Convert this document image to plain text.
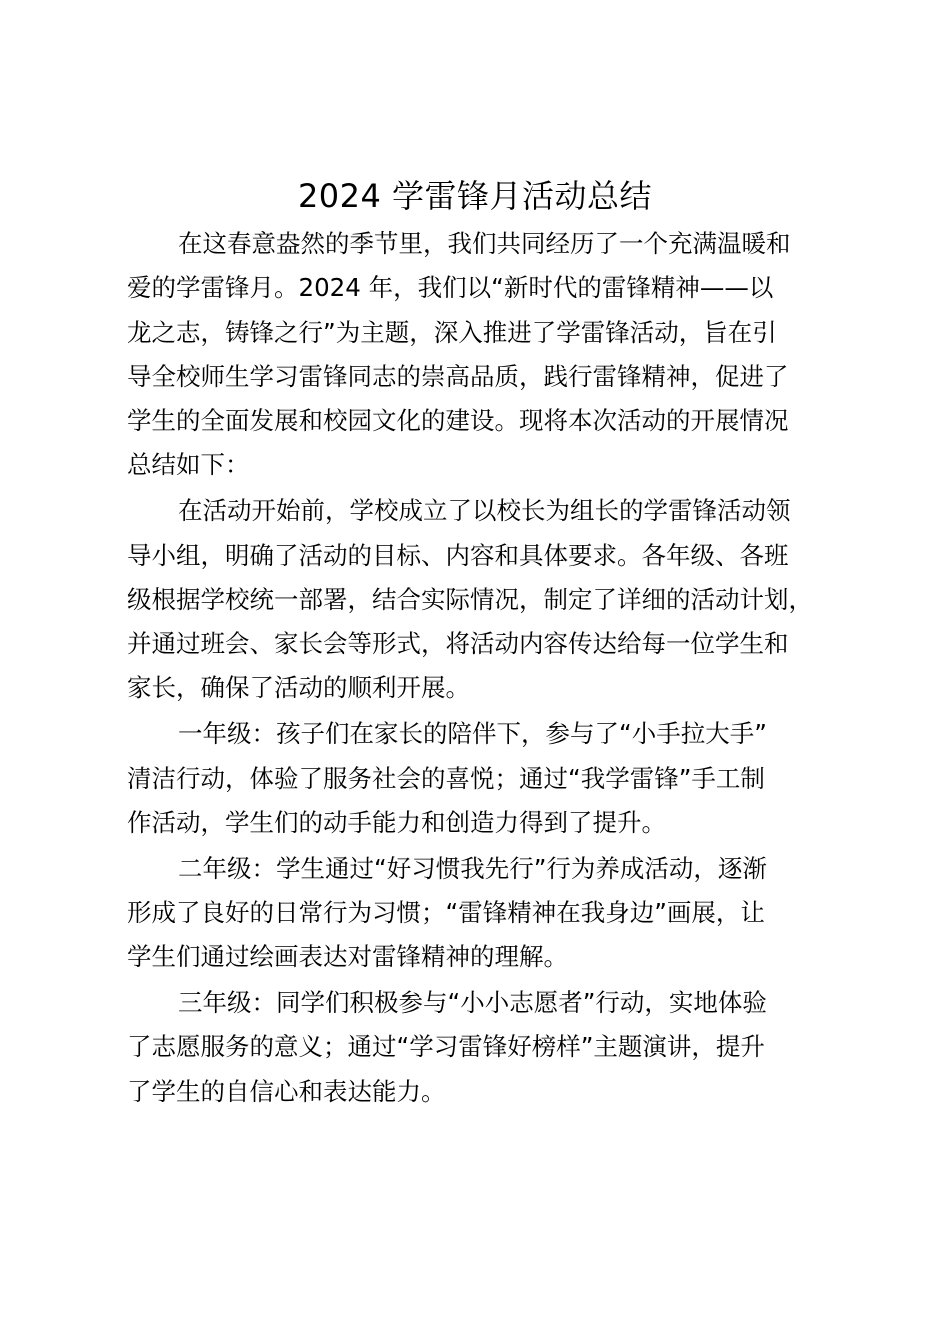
2024 学雷锋月活动总结
在这春意盎然的季节里，我们共同经历了一个充满温暖和
爱的学雷锋月。2024 年，我们以“新时代的雷锋精神——以
龙之志，铸锋之行”为主题，深入推进了学雷锋活动，旨在引
导全校师生学习雷锋同志的崇高品质，践行雷锋精神，促进了
学生的全面发展和校园文化的建设。现将本次活动的开展情况
总结如下：
在活动开始前，学校成立了以校长为组长的学雷锋活动领
导小组，明确了活动的目标、内容和具体要求。各年级、各班
级根据学校统一部署，结合实际情况，制定了详细的活动计划，
并通过班会、家长会等形式，将活动内容传达给每一位学生和
家长，确保了活动的顺利开展。
一年级：孩子们在家长的陪伴下，参与了“小手拉大手”
清洁行动，体验了服务社会的喜悦；通过“我学雷锋”手工制
作活动，学生们的动手能力和创造力得到了提升。
二年级：学生通过“好习惯我先行”行为养成活动，逐渐
形成了良好的日常行为习惯；“雷锋精神在我身边”画展，让
学生们通过绘画表达对雷锋精神的理解。
三年级：同学们积极参与“小小志愿者”行动，实地体验
了志愿服务的意义；通过“学习雷锋好榜样”主题演讲，提升
了学生的自信心和表达能力。
